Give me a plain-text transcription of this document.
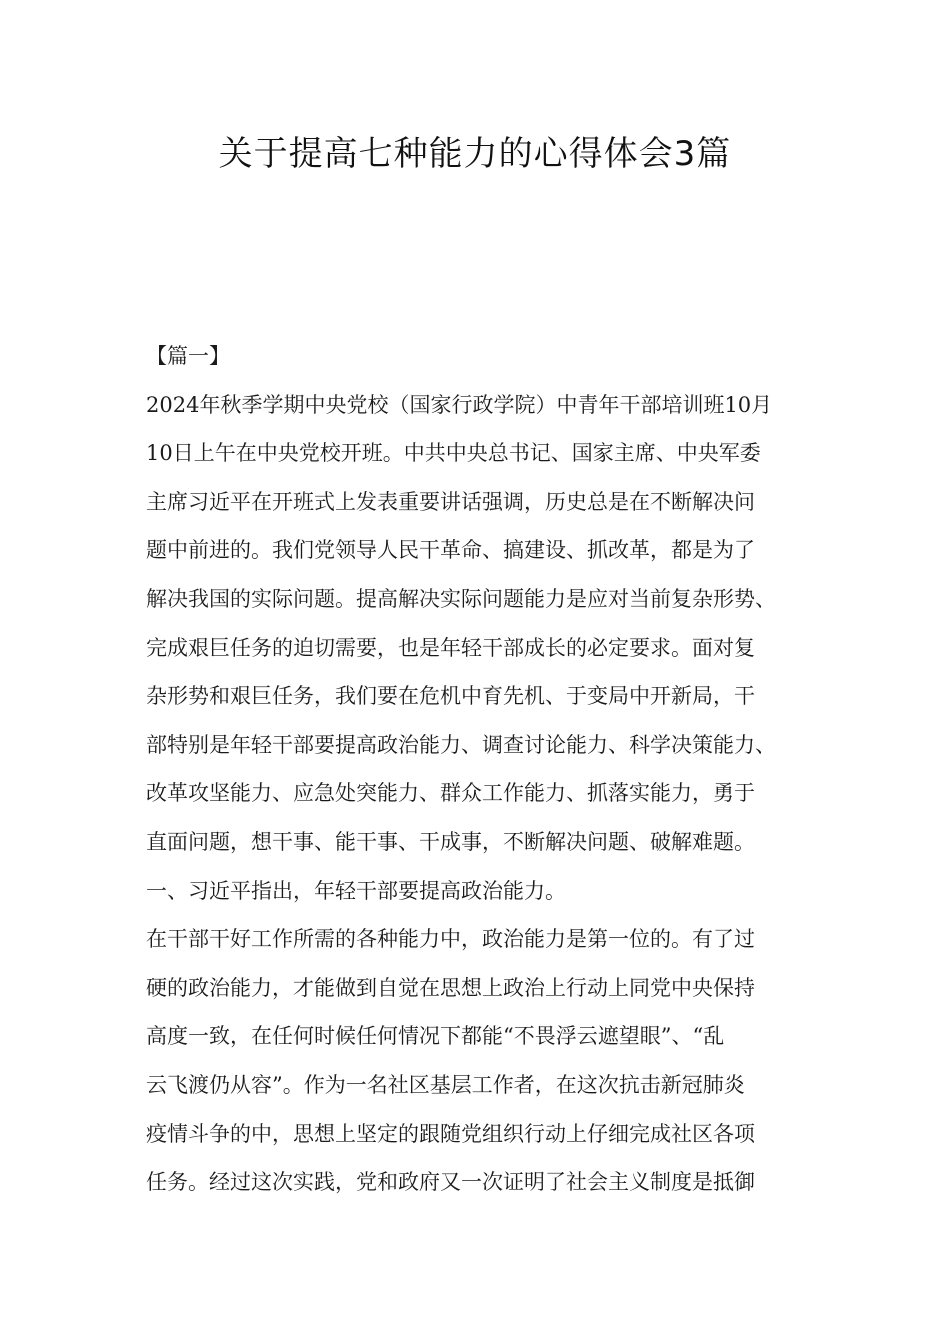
关于提高七种能力的心得体会3篇
【篇一】
2024年秋季学期中央党校（国家行政学院）中青年干部培训班10月
10日上午在中央党校开班。中共中央总书记、国家主席、中央军委
主席习近平在开班式上发表重要讲话强调，历史总是在不断解决问
题中前进的。我们党领导人民干革命、搞建设、抓改革，都是为了
解决我国的实际问题。提高解决实际问题能力是应对当前复杂形势、
完成艰巨任务的迫切需要，也是年轻干部成长的必定要求。面对复
杂形势和艰巨任务，我们要在危机中育先机、于变局中开新局，干
部特别是年轻干部要提高政治能力、调查讨论能力、科学决策能力、
改革攻坚能力、应急处突能力、群众工作能力、抓落实能力，勇于
直面问题，想干事、能干事、干成事，不断解决问题、破解难题。
一、习近平指出，年轻干部要提高政治能力。
在干部干好工作所需的各种能力中，政治能力是第一位的。有了过
硬的政治能力，才能做到自觉在思想上政治上行动上同党中央保持
高度一致，在任何时候任何情况下都能“不畏浮云遮望眼”、“乱
云飞渡仍从容”。作为一名社区基层工作者，在这次抗击新冠肺炎
疫情斗争的中，思想上坚定的跟随党组织行动上仔细完成社区各项
任务。经过这次实践，党和政府又一次证明了社会主义制度是抵御
